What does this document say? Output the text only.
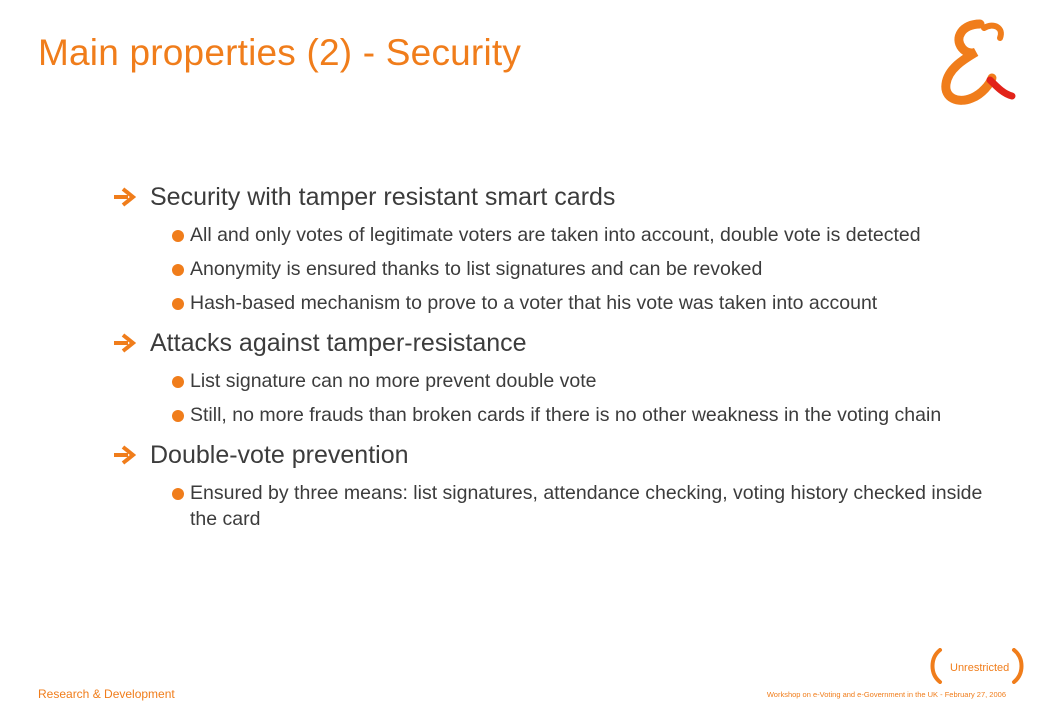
Main properties (2) - Security
Security with tamper resistant smart cards
All and only votes of legitimate voters are taken into account, double vote is detected
Anonymity is ensured thanks to list signatures and can be revoked
Hash-based mechanism to prove to a voter that his vote was taken into account
Attacks against tamper-resistance
List signature can no more prevent double vote
Still, no more frauds than broken cards if there is no other weakness in the voting chain
Double-vote prevention
Ensured by three means: list signatures, attendance checking, voting history checked inside the card
Unrestricted
Research & Development	Workshop on e-Voting and e-Government in the UK - February 27, 2006
